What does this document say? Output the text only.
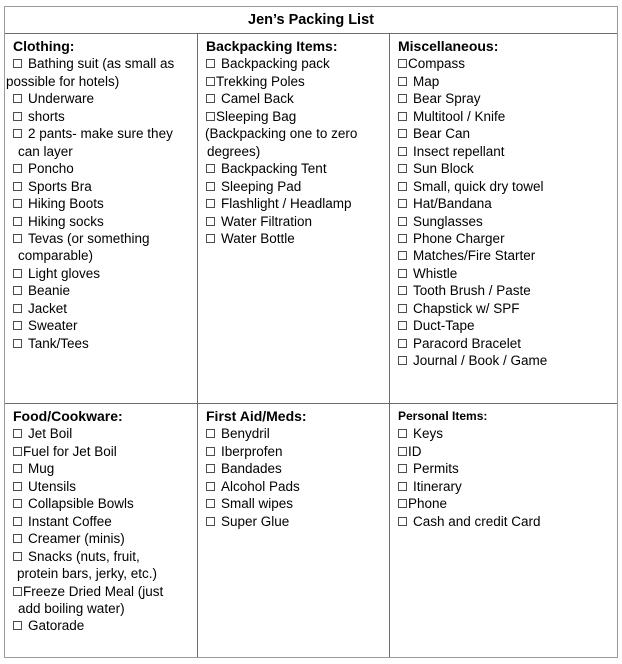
Jen’s Packing List
Clothing:
Bathing suit (as small as
possible for hotels)
Underware
shorts
2 pants- make sure they
can layer
Poncho
Sports Bra
Hiking Boots
Hiking socks
Tevas (or something
comparable)
Light gloves
Beanie
Jacket
Sweater
Tank/Tees
Backpacking Items:
Backpacking pack
Trekking Poles
Camel Back
Sleeping Bag
(Backpacking one to zero
degrees)
Backpacking Tent
Sleeping Pad
Flashlight / Headlamp
Water Filtration
Water Bottle
Miscellaneous:
Compass
Map
Bear Spray
Multitool / Knife
Bear Can
Insect repellant
Sun Block
Small, quick dry towel
Hat/Bandana
Sunglasses
Phone Charger
Matches/Fire Starter
Whistle
Tooth Brush / Paste
Chapstick w/ SPF
Duct-Tape
Paracord Bracelet
Journal / Book / Game
Food/Cookware:
Jet Boil
Fuel for Jet Boil
Mug
Utensils
Collapsible Bowls
Instant Coffee
Creamer (minis)
Snacks (nuts, fruit,
protein bars, jerky, etc.)
Freeze Dried Meal (just
add boiling water)
Gatorade
First Aid/Meds:
Benydril
Iberprofen
Bandades
Alcohol Pads
Small wipes
Super Glue
Personal Items:
Keys
ID
Permits
Itinerary
Phone
Cash and credit Card
